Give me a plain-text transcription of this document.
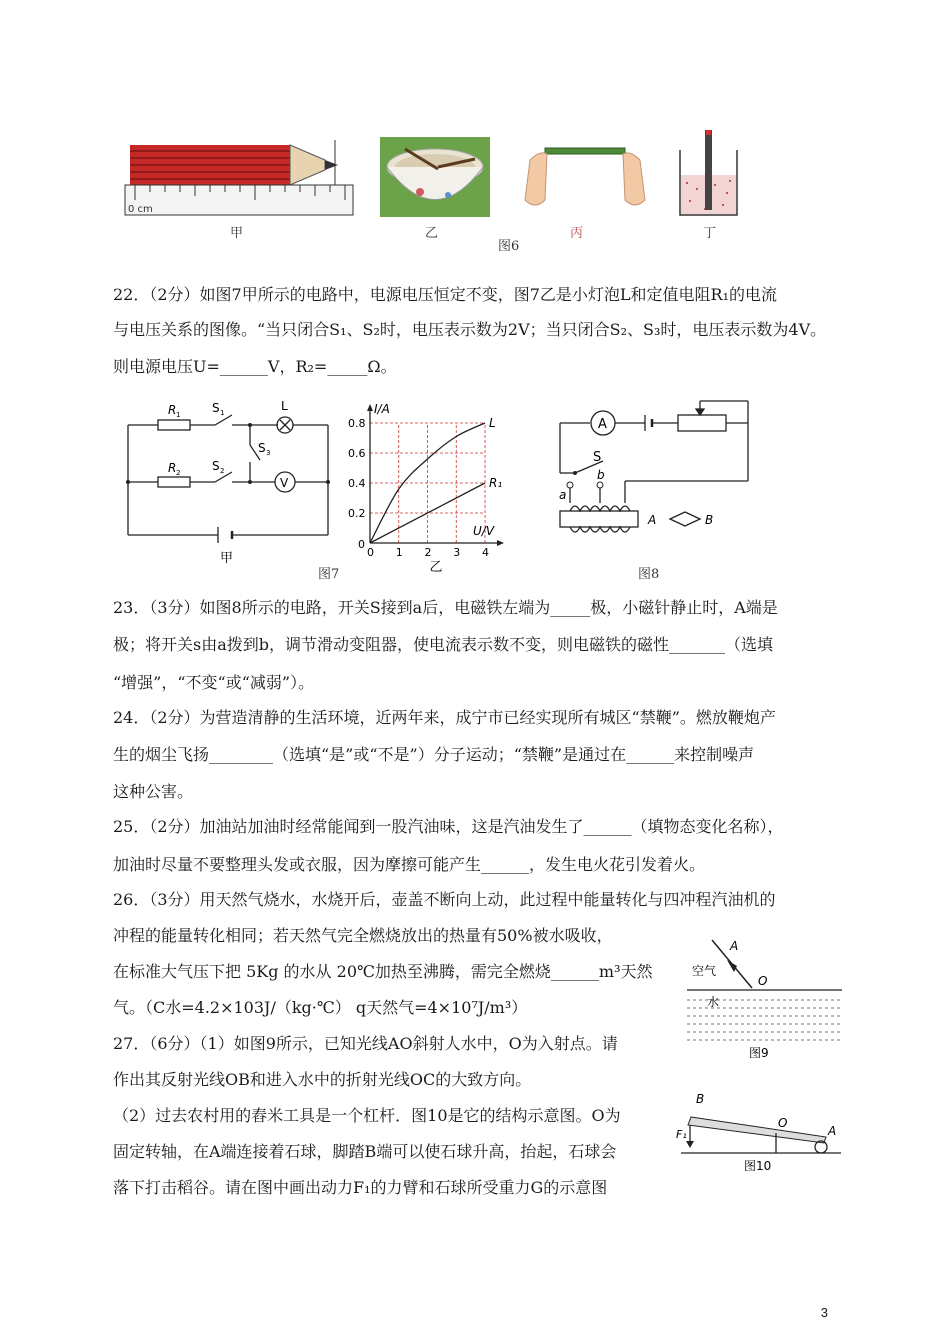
0 cm
甲	乙	丙	丁
图6
22．（2分）如图7甲所示的电路中，电源电压恒定不变，图7乙是小灯泡L和定值电阻R₁的电流
与电压关系的图像。“当只闭合S₁、S₂时，电压表示数为2V；当只闭合S₂、S₃时，电压表示数为4V。
则电源电压U=______V，R₂=_____Ω。
R 1
R 2
S 1
S 2
S 3
L
V
甲	0 1 2 3 4
0.2
0.4
0.6
0.8
I/A
U/V
0
L
R₁
乙
图7
A
S
a
b
A	B
图8
23．（3分）如图8所示的电路，开关S接到a后，电磁铁左端为_____极，小磁针静止时，A端是
极；将开关s由a拨到b，调节滑动变阻器，使电流表示数不变，则电磁铁的磁性_______（选填
“增强”，“不变“或“减弱”）。
24．（2分）为营造清静的生活环境，近两年来，成宁市已经实现所有城区“禁鞭”。燃放鞭炮产
生的烟尘飞扬________（选填“是”或“不是”）分子运动；“禁鞭”是通过在______来控制噪声
这种公害。
25．（2分）加油站加油时经常能闻到一股汽油味，这是汽油发生了______（填物态变化名称），
加油时尽量不要整理头发或衣服，因为摩擦可能产生______，发生电火花引发着火。
26．（3分）用天然气烧水，水烧开后，壶盖不断向上动，此过程中能量转化与四冲程汽油机的
冲程的能量转化相同；若天然气完全燃烧放出的热量有50%被水吸收，
在标准大气压下把 5Kg 的水从 20℃加热至沸腾，需完全燃烧______m³天然
气。（C水=4.2×103J/（kg·℃） q天然气=4×10⁷J/m³）
A
O
空气
水
图9
27．（6分）（1）如图9所示，已知光线AO斜射人水中，O为入射点。请
作出其反射光线OB和进入水中的折射光线OC的大致方向。
（2）过去农村用的舂米工具是一个杠杆．图10是它的结构示意图。O为
固定转轴，在A端连接着石球，脚踏B端可以使石球升高，抬起，石球会
落下打击稻谷。请在图中画出动力F₁的力臂和石球所受重力G的示意图
B
O
A
F₁
图10
3
